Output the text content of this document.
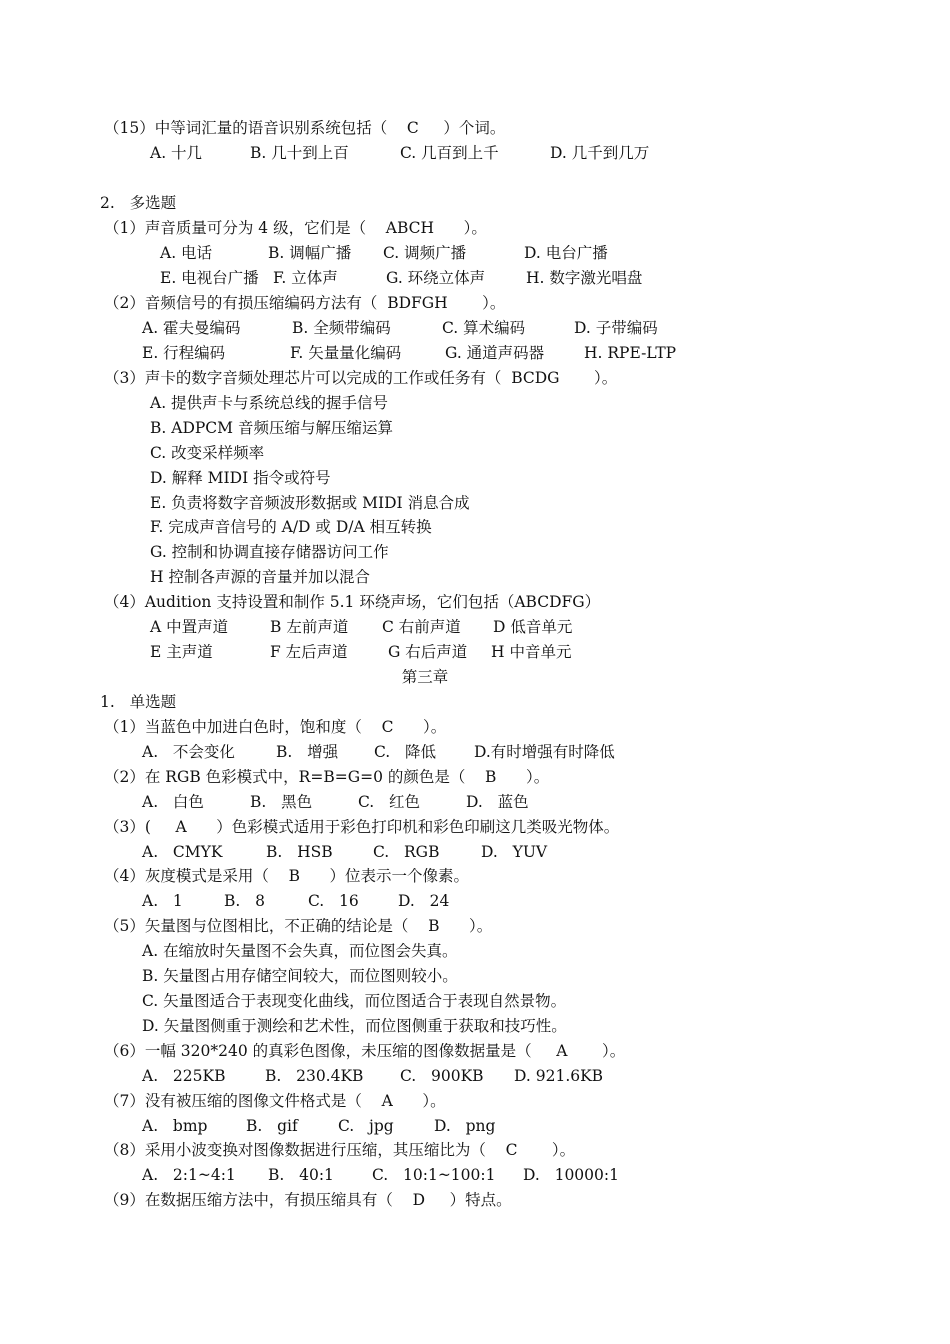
（15）中等词汇量的语音识别系统包括（    C     ）个词。
A. 十几	B. 几十到上百	C. 几百到上千	D. 几千到几万
2.   多选题
（1）声音质量可分为 4 级，它们是（    ABCH      ）。
A. 电话	B. 调幅广播 C. 调频广播	D. 电台广播
E. 电视台广播 F. 立体声	G. 环绕立体声	H. 数字激光唱盘
（2）音频信号的有损压缩编码方法有（  BDFGH       ）。
A. 霍夫曼编码	B. 全频带编码	C. 算术编码	D. 子带编码
E. 行程编码	F. 矢量量化编码	G. 通道声码器	H. RPE-LTP
（3）声卡的数字音频处理芯片可以完成的工作或任务有（  BCDG       ）。
A. 提供声卡与系统总线的握手信号
B. ADPCM 音频压缩与解压缩运算
C. 改变采样频率
D. 解释 MIDI 指令或符号
E. 负责将数字音频波形数据或 MIDI 消息合成
F. 完成声音信号的 A/D 或 D/A 相互转换
G. 控制和协调直接存储器访问工作
H 控制各声源的音量并加以混合
（4）Audition 支持设置和制作 5.1 环绕声场，它们包括（ABCDFG）
A 中置声道	B 左前声道 C 右前声道 D 低音单元
E 主声道	F 左后声道	G 右后声道 H 中音单元
第三章
1.   单选题
（1）当蓝色中加进白色时，饱和度（    C      ）。
A.   不会变化	B.   增强 C.   降低 D.有时增强有时降低
（2）在 RGB 色彩模式中，R=B=G=0 的颜色是（    B      ）。
A.   白色	B.   黑色	C.   红色	D.   蓝色
（3）(     A      ）色彩模式适用于彩色打印机和彩色印刷这几类吸光物体。
A.   CMYK	B.   HSB	C.   RGB	D.   YUV
（4）灰度模式是采用（    B      ）位表示一个像素。
A.   1	B.   8	C.   16	D.   24
（5）矢量图与位图相比，不正确的结论是（    B      ）。
A. 在缩放时矢量图不会失真，而位图会失真。
B. 矢量图占用存储空间较大，而位图则较小。
C. 矢量图适合于表现变化曲线，而位图适合于表现自然景物。
D. 矢量图侧重于测绘和艺术性，而位图侧重于获取和技巧性。
（6）一幅 320*240 的真彩色图像，未压缩的图像数据量是（     A       ）。
A.   225KB	B.   230.4KB C.   900KB D. 921.6KB
（7）没有被压缩的图像文件格式是（    A      ）。
A.   bmp B.   gif	C.   jpg	D.   png
（8）采用小波变换对图像数据进行压缩，其压缩比为（    C       ）。
A.   2:1~4:1 B.   40:1 C.   10:1~100:1 D.   10000:1
（9）在数据压缩方法中，有损压缩具有（    D     ）特点。
